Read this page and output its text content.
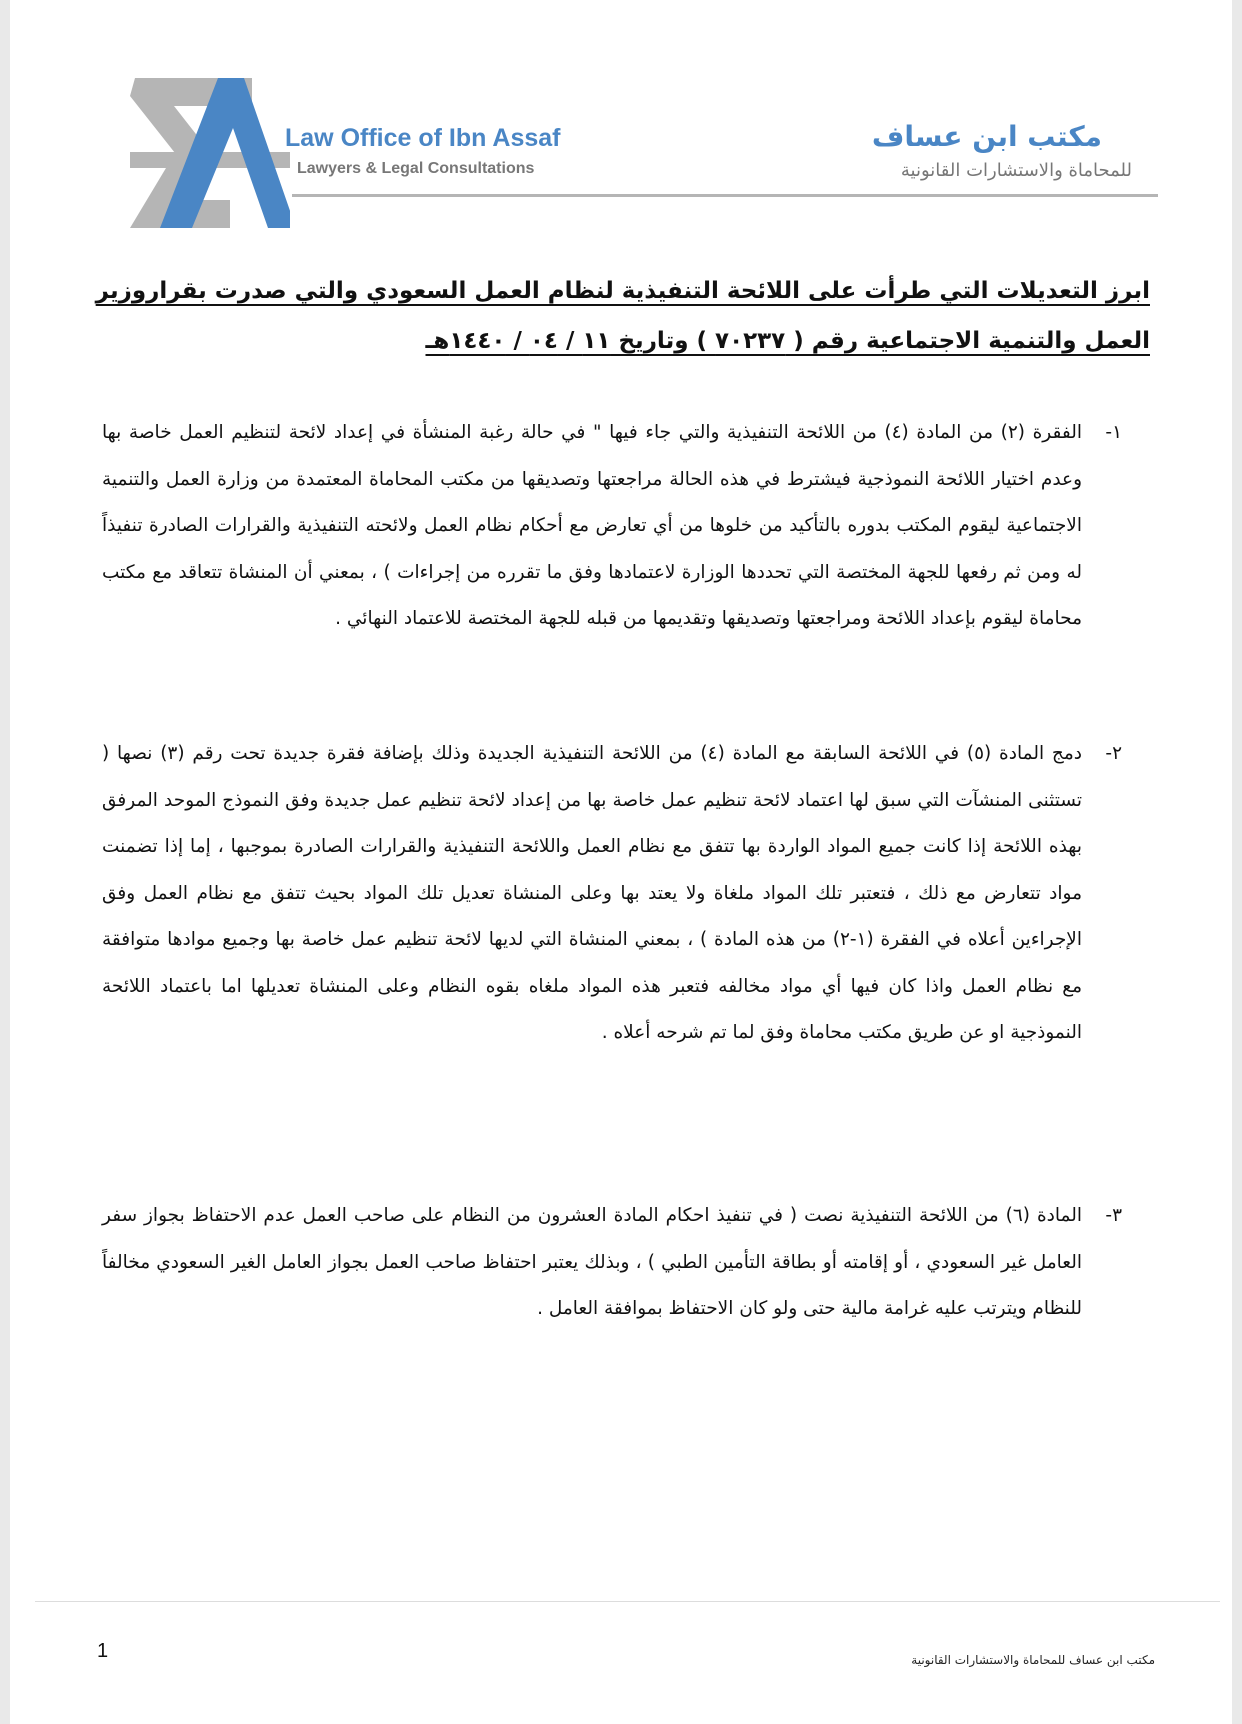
Law Office of Ibn Assaf
Lawyers & Legal Consultations
مكتب ابن عساف
للمحاماة والاستشارات القانونية
ابرز التعديلات التي طرأت على اللائحة التنفيذية لنظام العمل السعودي والتي صدرت بقراروزير
العمل والتنمية الاجتماعية رقم ( ٧٠٢٣٧ ) وتاريخ ١١ / ٠٤ / ١٤٤٠هـ
١-
الفقرة (٢) من المادة (٤) من اللائحة التنفيذية والتي جاء فيها " في حالة رغبة المنشأة في إعداد لائحة لتنظيم العمل خاصة بها وعدم اختيار اللائحة النموذجية فيشترط في هذه الحالة مراجعتها وتصديقها من مكتب المحاماة المعتمدة من وزارة العمل والتنمية الاجتماعية ليقوم المكتب بدوره بالتأكيد من خلوها من أي تعارض مع أحكام نظام العمل ولائحته التنفيذية والقرارات الصادرة تنفيذاً له ومن ثم رفعها للجهة المختصة التي تحددها الوزارة لاعتمادها وفق ما تقرره من إجراءات ) ، بمعني أن المنشاة تتعاقد مع مكتب محاماة ليقوم بإعداد اللائحة ومراجعتها وتصديقها وتقديمها من قبله للجهة المختصة للاعتماد النهائي .
٢-
دمج المادة (٥) في اللائحة السابقة مع المادة (٤) من اللائحة التنفيذية الجديدة وذلك بإضافة فقرة جديدة تحت رقم (٣) نصها ( تستثنى المنشآت التي سبق لها اعتماد لائحة تنظيم عمل خاصة بها من إعداد لائحة تنظيم عمل جديدة وفق النموذج الموحد المرفق بهذه اللائحة إذا كانت جميع المواد الواردة بها تتفق مع نظام العمل واللائحة التنفيذية والقرارات الصادرة بموجبها ، إما إذا تضمنت مواد تتعارض مع ذلك ، فتعتبر تلك المواد ملغاة ولا يعتد بها وعلى المنشاة تعديل تلك المواد بحيث تتفق مع نظام العمل وفق الإجراءين أعلاه في الفقرة (١-٢) من هذه المادة ) ، بمعني المنشاة التي لديها لائحة تنظيم عمل خاصة بها وجميع موادها متوافقة مع نظام العمل واذا كان فيها أي مواد مخالفه فتعبر هذه المواد ملغاه بقوه النظام وعلى المنشاة تعديلها اما باعتماد اللائحة النموذجية او عن طريق مكتب محاماة وفق لما تم شرحه أعلاه .
٣-
المادة (٦) من اللائحة التنفيذية نصت ( في تنفيذ احكام المادة العشرون من النظام على صاحب العمل عدم الاحتفاظ بجواز سفر العامل غير السعودي ، أو إقامته أو بطاقة التأمين الطبي ) ، وبذلك يعتبر احتفاظ صاحب العمل بجواز العامل الغير السعودي مخالفاً للنظام ويترتب عليه غرامة مالية حتى ولو كان الاحتفاظ بموافقة العامل .
1	مكتب ابن عساف للمحاماة والاستشارات القانونية
